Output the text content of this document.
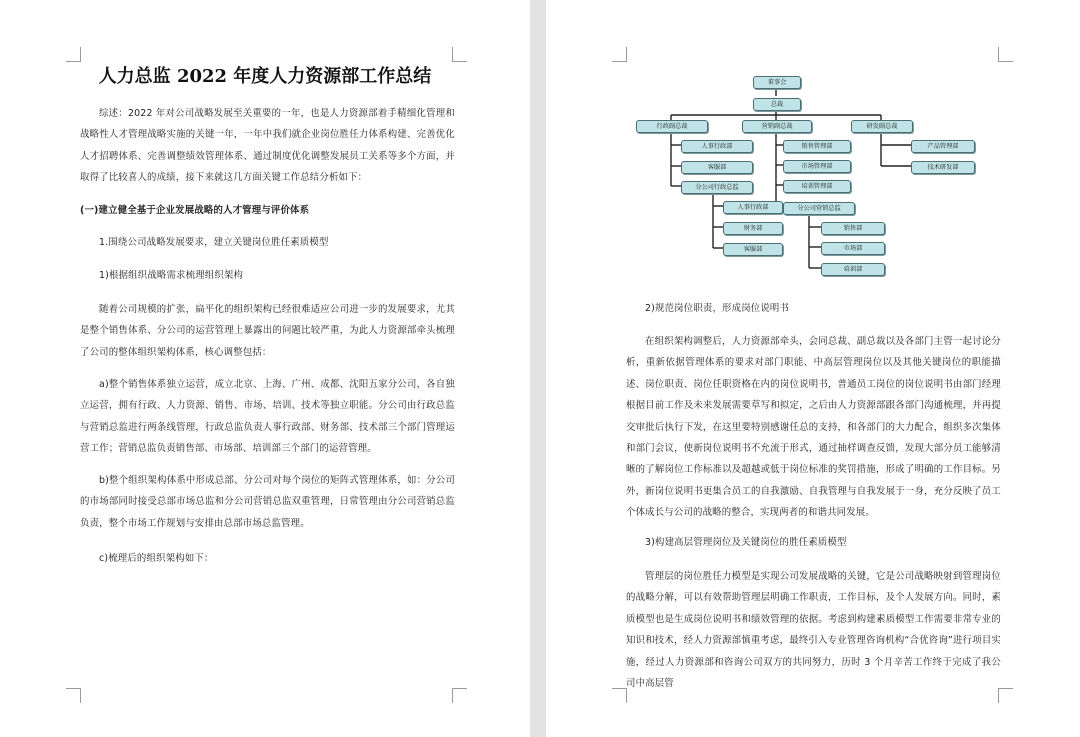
人力总监 2022 年度人力资源部工作总结

综述：2022 年对公司战略发展至关重要的一年，也是人力资源部着手精细化管理和战略性人才管理战略实施的关键一年，一年中我们就企业岗位胜任力体系构建、完善优化人才招聘体系、完善调整绩效管理体系、通过制度优化调整发展员工关系等多个方面，并取得了比较喜人的成绩，接下来就这几方面关键工作总结分析如下：

(一)建立健全基于企业发展战略的人才管理与评价体系

1.围绕公司战略发展要求，建立关键岗位胜任素质模型

1)根据组织战略需求梳理组织架构

随着公司规模的扩张，扁平化的组织架构已经很难适应公司进一步的发展要求，尤其是整个销售体系、分公司的运营管理上暴露出的问题比较严重，为此人力资源部牵头梳理了公司的整体组织架构体系，核心调整包括：

a)整个销售体系独立运营，成立北京、上海、广州、成都、沈阳五家分公司，各自独立运营，拥有行政、人力资源、销售、市场、培训、技术等独立职能。分公司由行政总监与营销总监进行两条线管理，行政总监负责人事行政部、财务部、技术部三个部门管理运营工作；营销总监负责销售部、市场部、培训部三个部门的运营管理。

b)整个组织架构体系中形成总部、分公司对每个岗位的矩阵式管理体系，如：分公司的市场部同时接受总部市场总监和分公司营销总监双重管理，日常管理由分公司营销总监负责，整个市场工作规划与安排由总部市场总监管理。

c)梳理后的组织架构如下：

董事会
总裁
行政副总裁	营销副总裁	研发副总裁
人事行政部
客服部
分公司行政总监
人事行政部
财务部
客服部
销售管理部
市场管理部
培训管理部
分公司营销总监
销售部
市场部
培训部
产品管理部
技术研发部

2)规范岗位职责，形成岗位说明书

在组织架构调整后，人力资源部牵头，会同总裁、副总裁以及各部门主管一起讨论分析，重新依据管理体系的要求对部门职能、中高层管理岗位以及其他关键岗位的职能描述、岗位职责、岗位任职资格在内的岗位说明书，普通员工岗位的岗位说明书由部门经理根据目前工作及未来发展需要草写和拟定，之后由人力资源部跟各部门沟通梳理，并再提交审批后执行下发，在这里要特别感谢任总的支持，和各部门的大力配合，组织多次集体和部门会议，使新岗位说明书不允流于形式，通过抽样调查反馈，发现大部分员工能够清晰的了解岗位工作标准以及超越或低于岗位标准的奖罚措施，形成了明确的工作目标。另外，新岗位说明书更集合员工的自我激励、自我管理与自我发展于一身，充分反映了员工个体成长与公司的战略的整合，实现两者的和谐共同发展。

3)构建高层管理岗位及关键岗位的胜任素质模型

管理层的岗位胜任力模型是实现公司发展战略的关键，它是公司战略映射到管理岗位的战略分解，可以有效帮助管理层明确工作职责，工作目标，及个人发展方向。同时，素质模型也是生成岗位说明书和绩效管理的依据。考虑到构建素质模型工作需要非常专业的知识和技术，经人力资源部慎重考虑，最终引入专业管理咨询机构“合优咨询”进行项目实施，经过人力资源部和咨询公司双方的共同努力，历时 3 个月辛苦工作终于完成了我公司中高层管
